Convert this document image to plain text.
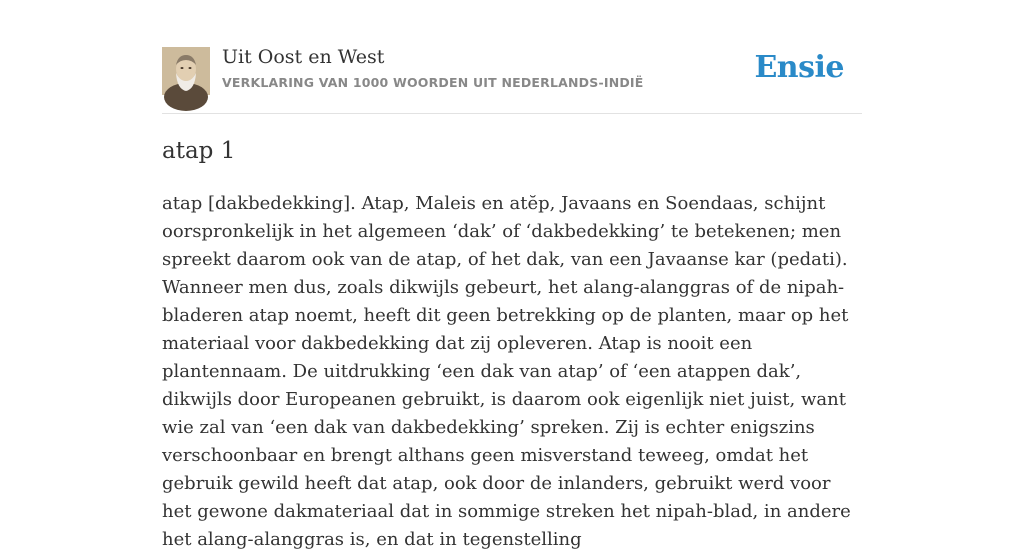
Uit Oost en West
VERKLARING VAN 1000 WOORDEN UIT NEDERLANDS-INDIË	Ensie
atap 1

atap [dakbedekking]. Atap, Maleis en atĕp, Javaans en Soendaas, schijnt oorspronkelijk in het algemeen ‘dak’ of ‘dakbedekking’ te betekenen; men spreekt daarom ook van de atap, of het dak, van een Javaanse kar (pedati). Wanneer men dus, zoals dikwijls gebeurt, het alang-alanggras of de nipah-bladeren atap noemt, heeft dit geen betrekking op de planten, maar op het materiaal voor dakbedekking dat zij opleveren. Atap is nooit een plantennaam. De uitdrukking ‘een dak van atap’ of ‘een atappen dak’, dikwijls door Europeanen gebruikt, is daarom ook eigenlijk niet juist, want wie zal van ‘een dak van dakbedekking’ spreken. Zij is echter enigszins verschoonbaar en brengt althans geen misverstand teweeg, omdat het gebruik gewild heeft dat atap, ook door de inlanders, gebruikt werd voor het gewone dakmateriaal dat in sommige streken het nipah-blad, in andere het alang-alanggras is, en dat in tegenstelling
